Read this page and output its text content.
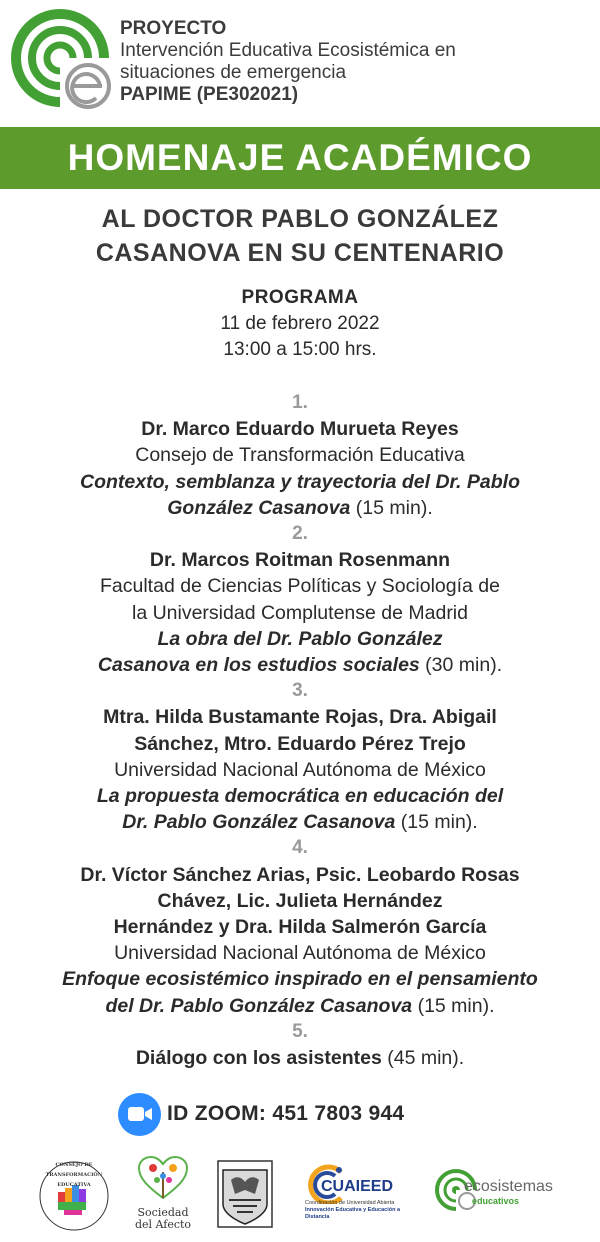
PROYECTO
Intervención Educativa Ecosistémica en
situaciones de emergencia
PAPIME (PE302021)
HOMENAJE ACADÉMICO
AL DOCTOR PABLO GONZÁLEZ
CASANOVA EN SU CENTENARIO
PROGRAMA
11 de febrero 2022
13:00 a 15:00 hrs.
1.
Dr. Marco Eduardo Murueta Reyes
Consejo de Transformación Educativa
Contexto, semblanza y trayectoria del Dr. Pablo
González Casanova (15 min).
2.
Dr. Marcos Roitman Rosenmann
Facultad de Ciencias Políticas y Sociología de
la Universidad Complutense de Madrid
La obra del Dr. Pablo González
Casanova en los estudios sociales (30 min).
3.
Mtra. Hilda Bustamante Rojas, Dra. Abigail
Sánchez, Mtro. Eduardo Pérez Trejo
Universidad Nacional Autónoma de México
La propuesta democrática en educación del
Dr. Pablo González Casanova (15 min).
4.
Dr. Víctor Sánchez Arias, Psic. Leobardo Rosas
Chávez, Lic. Julieta Hernández
Hernández y Dra. Hilda Salmerón García
Universidad Nacional Autónoma de México
Enfoque ecosistémico inspirado en el pensamiento
del Dr. Pablo González Casanova (15 min).
5.
Diálogo con los asistentes (45 min).
ID ZOOM: 451 7803 944
CONSEJO DE TRANSFORMACIÓN EDUCATIVA
Sociedad
del Afecto
CUAIEED
Coordinación de Universidad Abierta
Innovación Educativa y Educación a Distancia
ecosistemas
educativos
